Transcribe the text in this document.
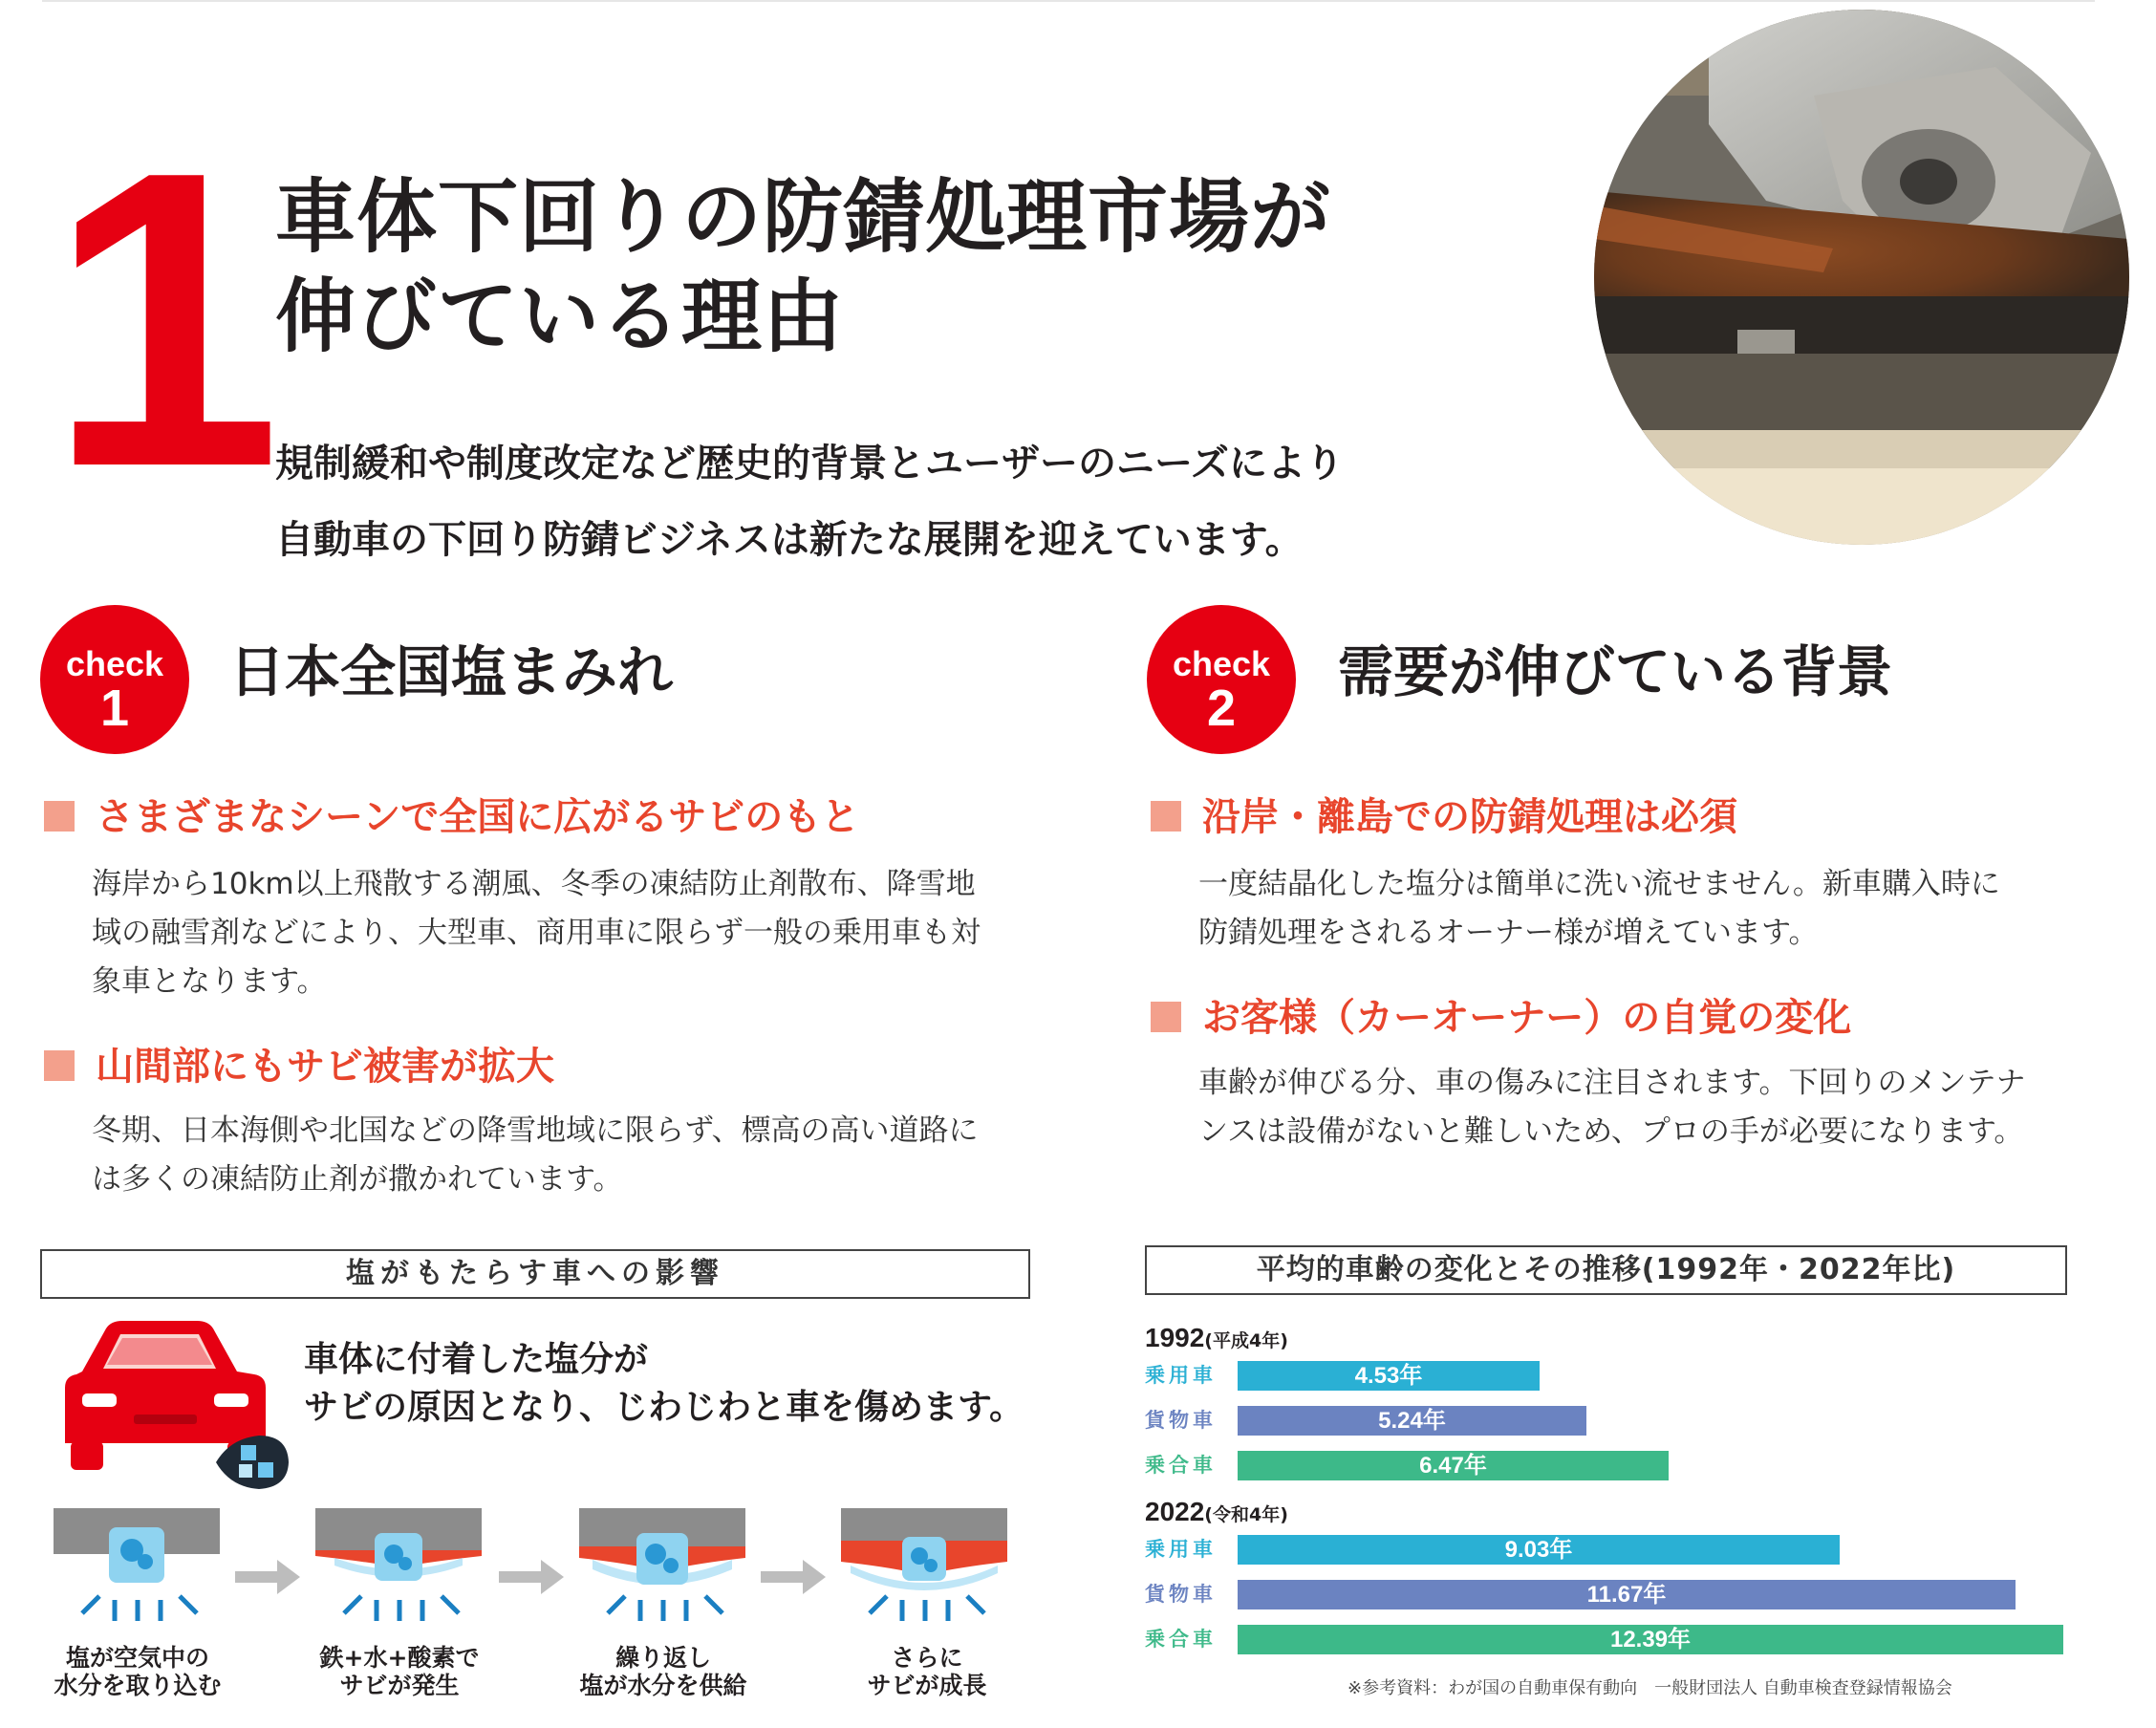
1 車体下回りの防錆処理市場が
伸びている理由
規制緩和や制度改定など歴史的背景とユーザーのニーズにより
自動車の下回り防錆ビジネスは新たな展開を迎えています。
check
1
日本全国塩まみれ
さまざまなシーンで全国に広がるサビのもと
海岸から10km以上飛散する潮風、冬季の凍結防止剤散布、降雪地
域の融雪剤などにより、大型車、商用車に限らず一般の乗用車も対
象車となります。
山間部にもサビ被害が拡大
冬期、日本海側や北国などの降雪地域に限らず、標高の高い道路に
は多くの凍結防止剤が撒かれています。
check
2
需要が伸びている背景
沿岸・離島での防錆処理は必須
一度結晶化した塩分は簡単に洗い流せません。新車購入時に
防錆処理をされるオーナー様が増えています。
お客様（カーオーナー）の自覚の変化
車齢が伸びる分、車の傷みに注目されます。下回りのメンテナ
ンスは設備がないと難しいため、プロの手が必要になります。
塩がもたらす車への影響
車体に付着した塩分が
サビの原因となり、じわじわと車を傷めます。
塩が空気中の
水分を取り込む
鉄+水+酸素で
サビが発生
繰り返し
塩が水分を供給
さらに
サビが成長
平均的車齢の変化とその推移(1992年・2022年比)
1992(平成4年)
乗用車	4.53年
貨物車	5.24年
乗合車	6.47年
2022(令和4年)
乗用車	9.03年
貨物車	11.67年
乗合車	12.39年
※参考資料：わが国の自動車保有動向　一般財団法人 自動車検査登録情報協会
